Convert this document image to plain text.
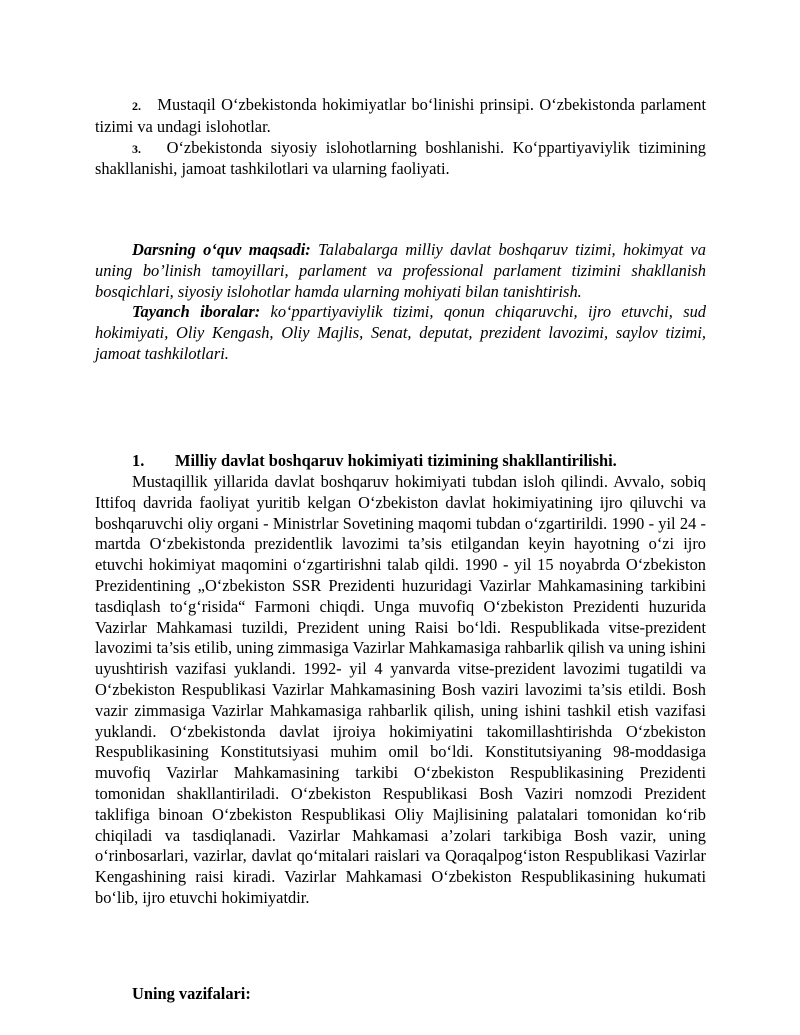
2. Mustaqil O‘zbekistonda hokimiyatlar bo‘linishi prinsipi. O‘zbekistonda parlament tizimi va undagi islohotlar.
3. O‘zbekistonda siyosiy islohotlarning boshlanishi. Ko‘ppartiyaviylik tizimining shakllanishi, jamoat tashkilotlari va ularning faoliyati.
Darsning o‘quv maqsadi: Talabalarga milliy davlat boshqaruv tizimi, hokimyat va uning bo’linish tamoyillari, parlament va professional parlament tizimini shakllanish bosqichlari, siyosiy islohotlar hamda ularning mohiyati bilan tanishtirish.
Tayanch iboralar: ko‘ppartiyaviylik tizimi, qonun chiqaruvchi, ijro etuvchi, sud hokimiyati, Oliy Kengash, Oliy Majlis, Senat, deputat, prezident lavozimi, saylov tizimi, jamoat tashkilotlari.
1. Milliy davlat boshqaruv hokimiyati tizimining shakllantirilishi.
Mustaqillik yillarida davlat boshqaruv hokimiyati tubdan isloh qilindi. Avvalo, sobiq Ittifoq davrida faoliyat yuritib kelgan O‘zbekiston davlat hokimiyatining ijro qiluvchi va boshqaruvchi oliy organi - Ministrlar Sovetining maqomi tubdan o‘zgartirildi. 1990 - yil 24 - martda O‘zbekistonda prezidentlik lavozimi ta’sis etilgandan keyin hayotning o‘zi ijro etuvchi hokimiyat maqomini o‘zgartirishni talab qildi. 1990 - yil 15 noyabrda O‘zbekiston Prezidentining „O‘zbekiston SSR Prezidenti huzuridagi Vazirlar Mahkamasining tarkibini tasdiqlash to‘g‘risida“ Farmoni chiqdi. Unga muvofiq O‘zbekiston Prezidenti huzurida Vazirlar Mahkamasi tuzildi, Prezident uning Raisi bo‘ldi. Respublikada vitse-prezident lavozimi ta’sis etilib, uning zimmasiga Vazirlar Mahkamasiga rahbarlik qilish va uning ishini uyushtirish vazifasi yuklandi. 1992- yil 4 yanvarda vitse-prezident lavozimi tugatildi va O‘zbekiston Respublikasi Vazirlar Mahkamasining Bosh vaziri lavozimi ta’sis etildi. Bosh vazir zimmasiga Vazirlar Mahkamasiga rahbarlik qilish, uning ishini tashkil etish vazifasi yuklandi. O‘zbekistonda davlat ijroiya hokimiyatini takomillashtirishda O‘zbekiston Respublikasining Konstitutsiyasi muhim omil bo‘ldi. Konstitutsiyaning 98-moddasiga muvofiq Vazirlar Mahkamasining tarkibi O‘zbekiston Respublikasining Prezidenti tomonidan shakllantiriladi. O‘zbekiston Respublikasi Bosh Vaziri nomzodi Prezident taklifiga binoan O‘zbekiston Respublikasi Oliy Majlisining palatalari tomonidan ko‘rib chiqiladi va tasdiqlanadi. Vazirlar Mahkamasi a’zolari tarkibiga Bosh vazir, uning o‘rinbosarlari, vazirlar, davlat qo‘mitalari raislari va Qoraqalpog‘iston Respublikasi Vazirlar Kengashining raisi kiradi. Vazirlar Mahkamasi O‘zbekiston Respublikasining hukumati bo‘lib, ijro etuvchi hokimiyatdir.
Uning vazifalari:
